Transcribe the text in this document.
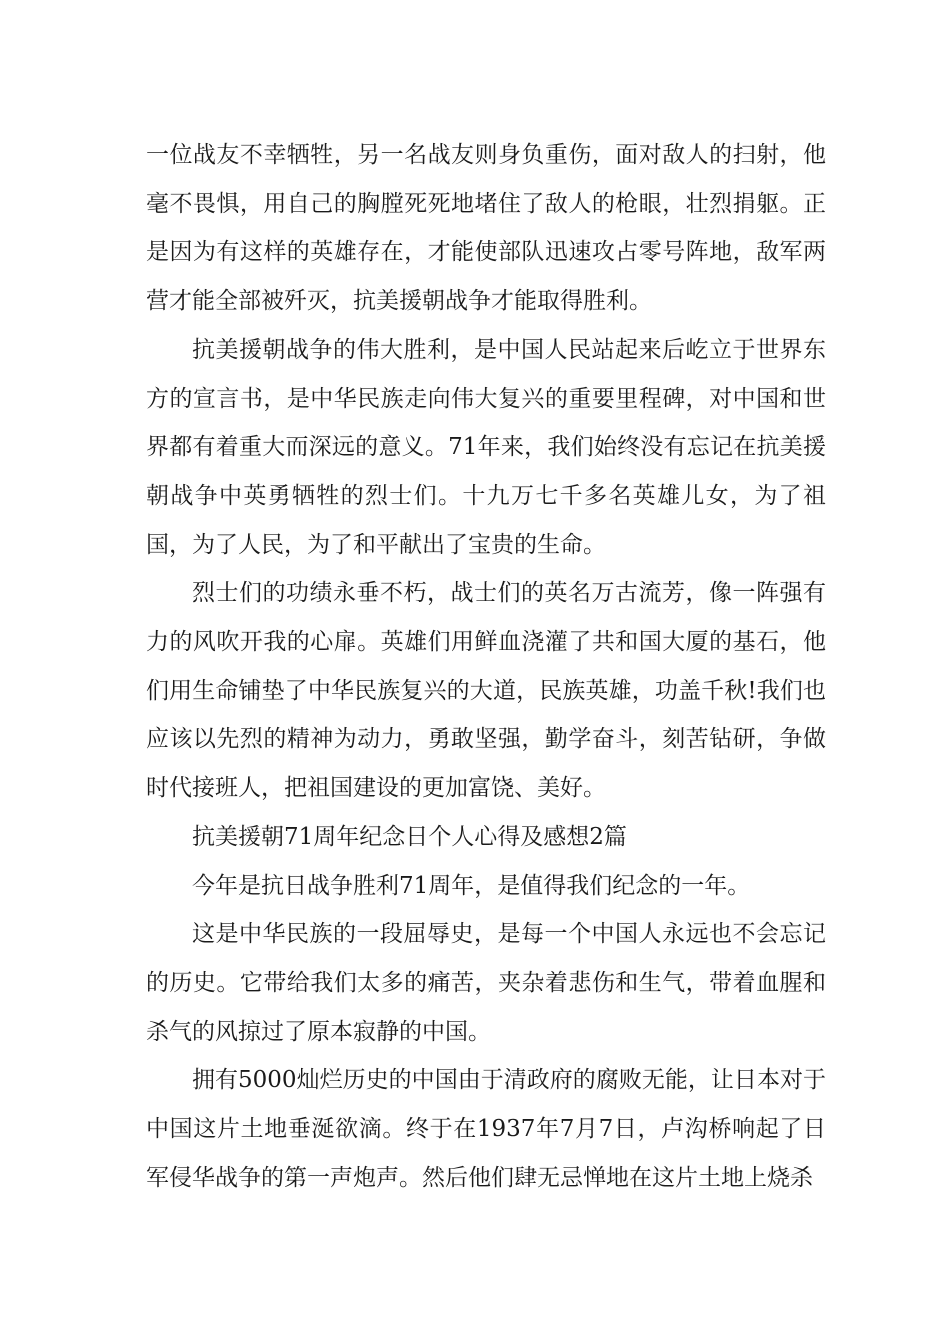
一位战友不幸牺牲，另一名战友则身负重伤，面对敌人的扫射，他毫不畏惧，用自己的胸膛死死地堵住了敌人的枪眼，壮烈捐躯。正是因为有这样的英雄存在，才能使部队迅速攻占零号阵地，敌军两营才能全部被歼灭，抗美援朝战争才能取得胜利。

抗美援朝战争的伟大胜利，是中国人民站起来后屹立于世界东方的宣言书，是中华民族走向伟大复兴的重要里程碑，对中国和世界都有着重大而深远的意义。71年来，我们始终没有忘记在抗美援朝战争中英勇牺牲的烈士们。十九万七千多名英雄儿女，为了祖国，为了人民，为了和平献出了宝贵的生命。

烈士们的功绩永垂不朽，战士们的英名万古流芳，像一阵强有力的风吹开我的心扉。英雄们用鲜血浇灌了共和国大厦的基石，他们用生命铺垫了中华民族复兴的大道，民族英雄，功盖千秋!我们也应该以先烈的精神为动力，勇敢坚强，勤学奋斗，刻苦钻研，争做时代接班人，把祖国建设的更加富饶、美好。

抗美援朝71周年纪念日个人心得及感想2篇

今年是抗日战争胜利71周年，是值得我们纪念的一年。

这是中华民族的一段屈辱史，是每一个中国人永远也不会忘记的历史。它带给我们太多的痛苦，夹杂着悲伤和生气，带着血腥和杀气的风掠过了原本寂静的中国。

拥有5000灿烂历史的中国由于清政府的腐败无能，让日本对于中国这片土地垂涎欲滴。终于在1937年7月7日，卢沟桥响起了日军侵华战争的第一声炮声。然后他们肆无忌惮地在这片土地上烧杀
